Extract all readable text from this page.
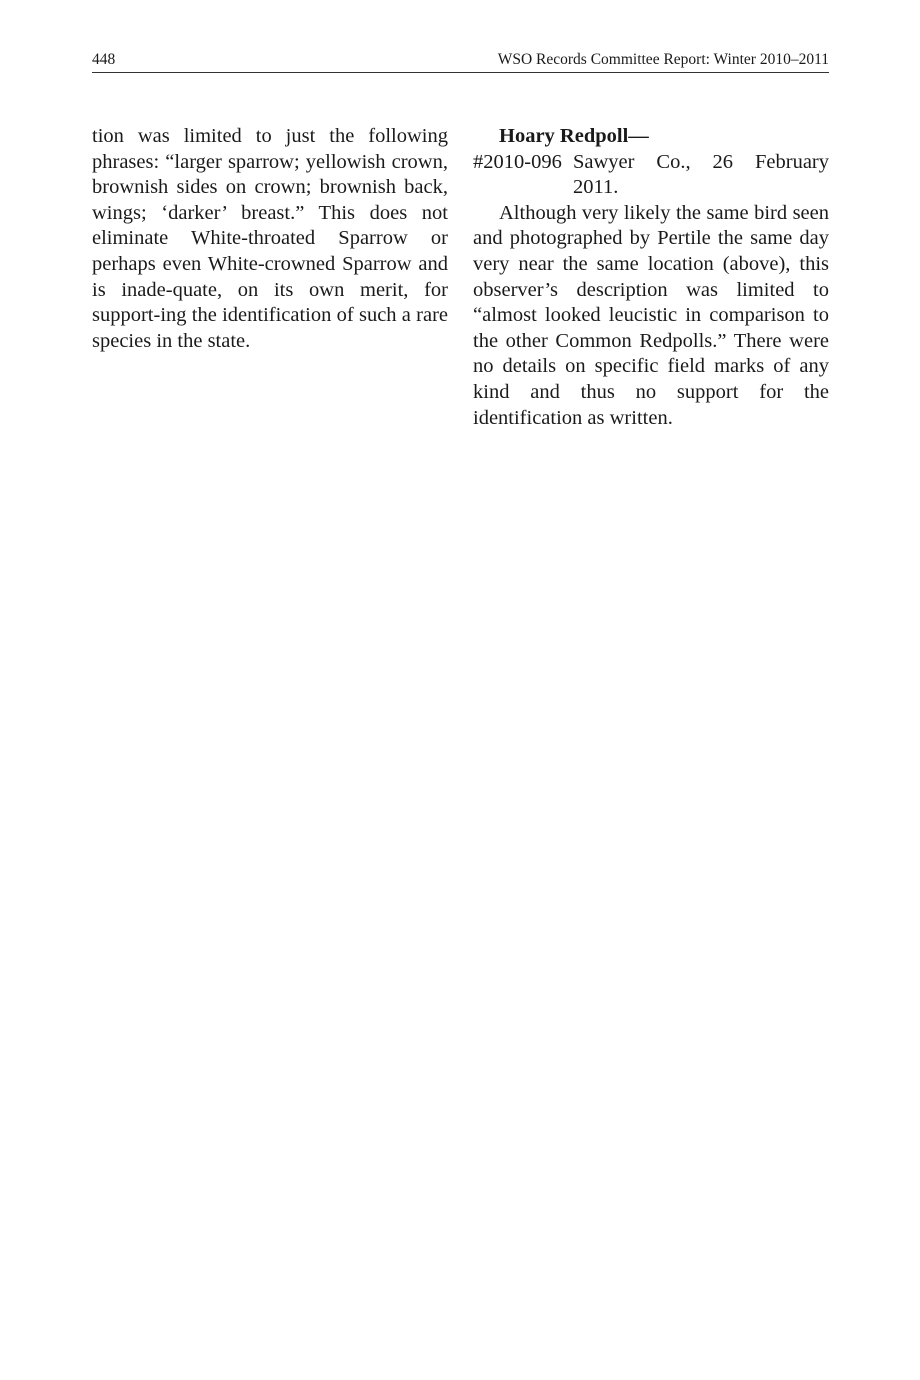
448	WSO Records Committee Report: Winter 2010–2011

tion was limited to just the following phrases: “larger sparrow; yellowish crown, brownish sides on crown; brownish back, wings; ‘darker’ breast.” This does not eliminate White-throated Sparrow or perhaps even White-crowned Sparrow and is inade-quate, on its own merit, for support-ing the identification of such a rare species in the state.

Hoary Redpoll—

#2010-096 Sawyer Co., 26 February 2011.

Although very likely the same bird seen and photographed by Pertile the same day very near the same location (above), this observer’s description was limited to “almost looked leucistic in comparison to the other Common Redpolls.” There were no details on specific field marks of any kind and thus no support for the identification as written.
